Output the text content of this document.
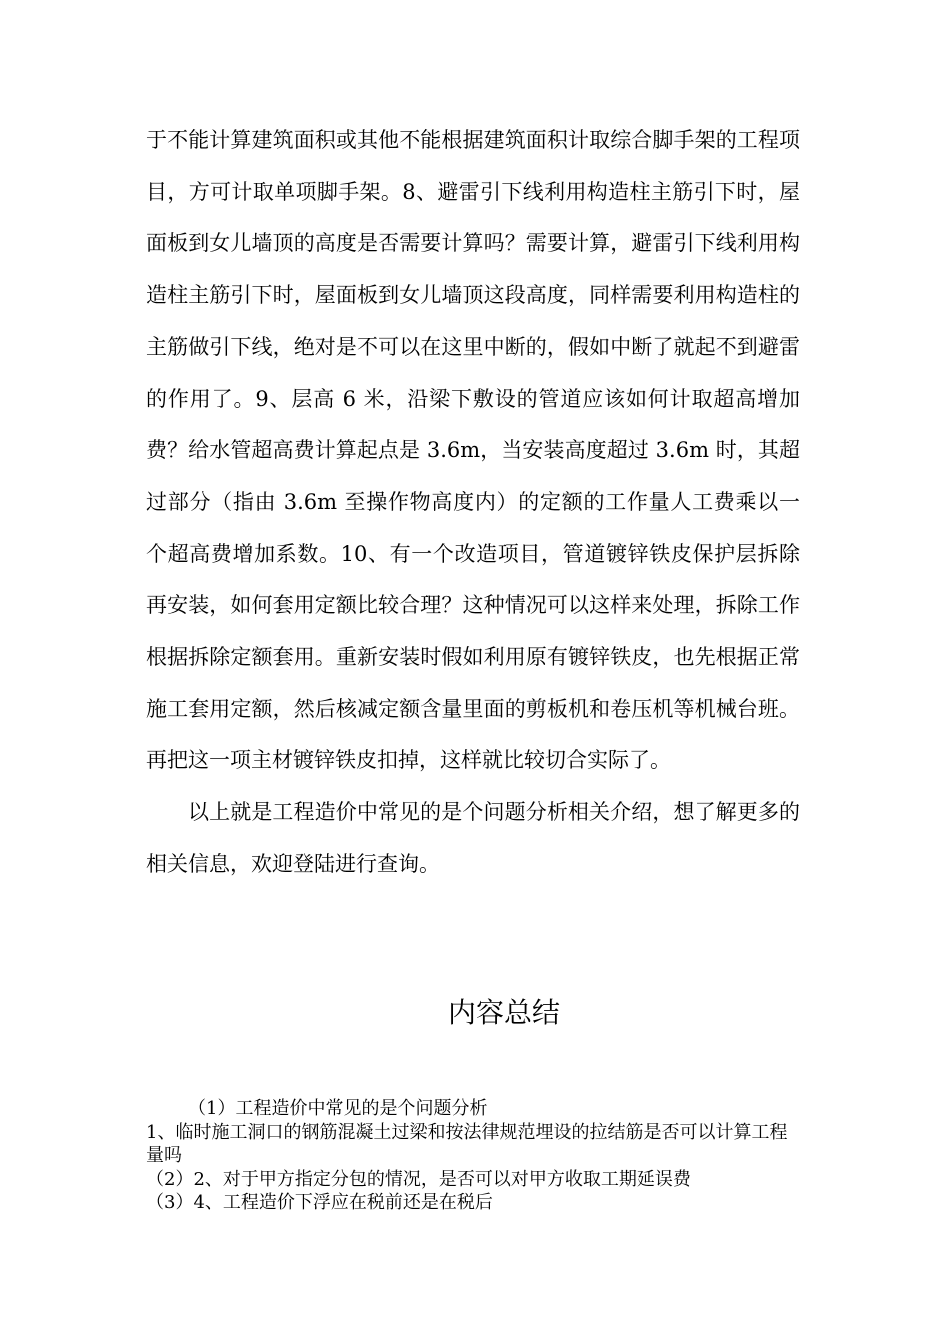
于不能计算建筑面积或其他不能根据建筑面积计取综合脚手架的工程项目，方可计取单项脚手架。8、避雷引下线利用构造柱主筋引下时，屋面板到女儿墙顶的高度是否需要计算吗？需要计算，避雷引下线利用构造柱主筋引下时，屋面板到女儿墙顶这段高度，同样需要利用构造柱的主筋做引下线，绝对是不可以在这里中断的，假如中断了就起不到避雷的作用了。9、层高 6 米，沿梁下敷设的管道应该如何计取超高增加费？给水管超高费计算起点是 3.6m，当安装高度超过 3.6m 时，其超过部分（指由 3.6m 至操作物高度内）的定额的工作量人工费乘以一个超高费增加系数。10、有一个改造项目，管道镀锌铁皮保护层拆除再安装，如何套用定额比较合理？这种情况可以这样来处理，拆除工作根据拆除定额套用。重新安装时假如利用原有镀锌铁皮，也先根据正常施工套用定额，然后核减定额含量里面的剪板机和卷压机等机械台班。再把这一项主材镀锌铁皮扣掉，这样就比较切合实际了。

以上就是工程造价中常见的是个问题分析相关介绍，想了解更多的相关信息，欢迎登陆进行查询。

内容总结

（1）工程造价中常见的是个问题分析

1、临时施工洞口的钢筋混凝土过梁和按法律规范埋设的拉结筋是否可以计算工程量吗

（2）2、对于甲方指定分包的情况，是否可以对甲方收取工期延误费

（3）4、工程造价下浮应在税前还是在税后
